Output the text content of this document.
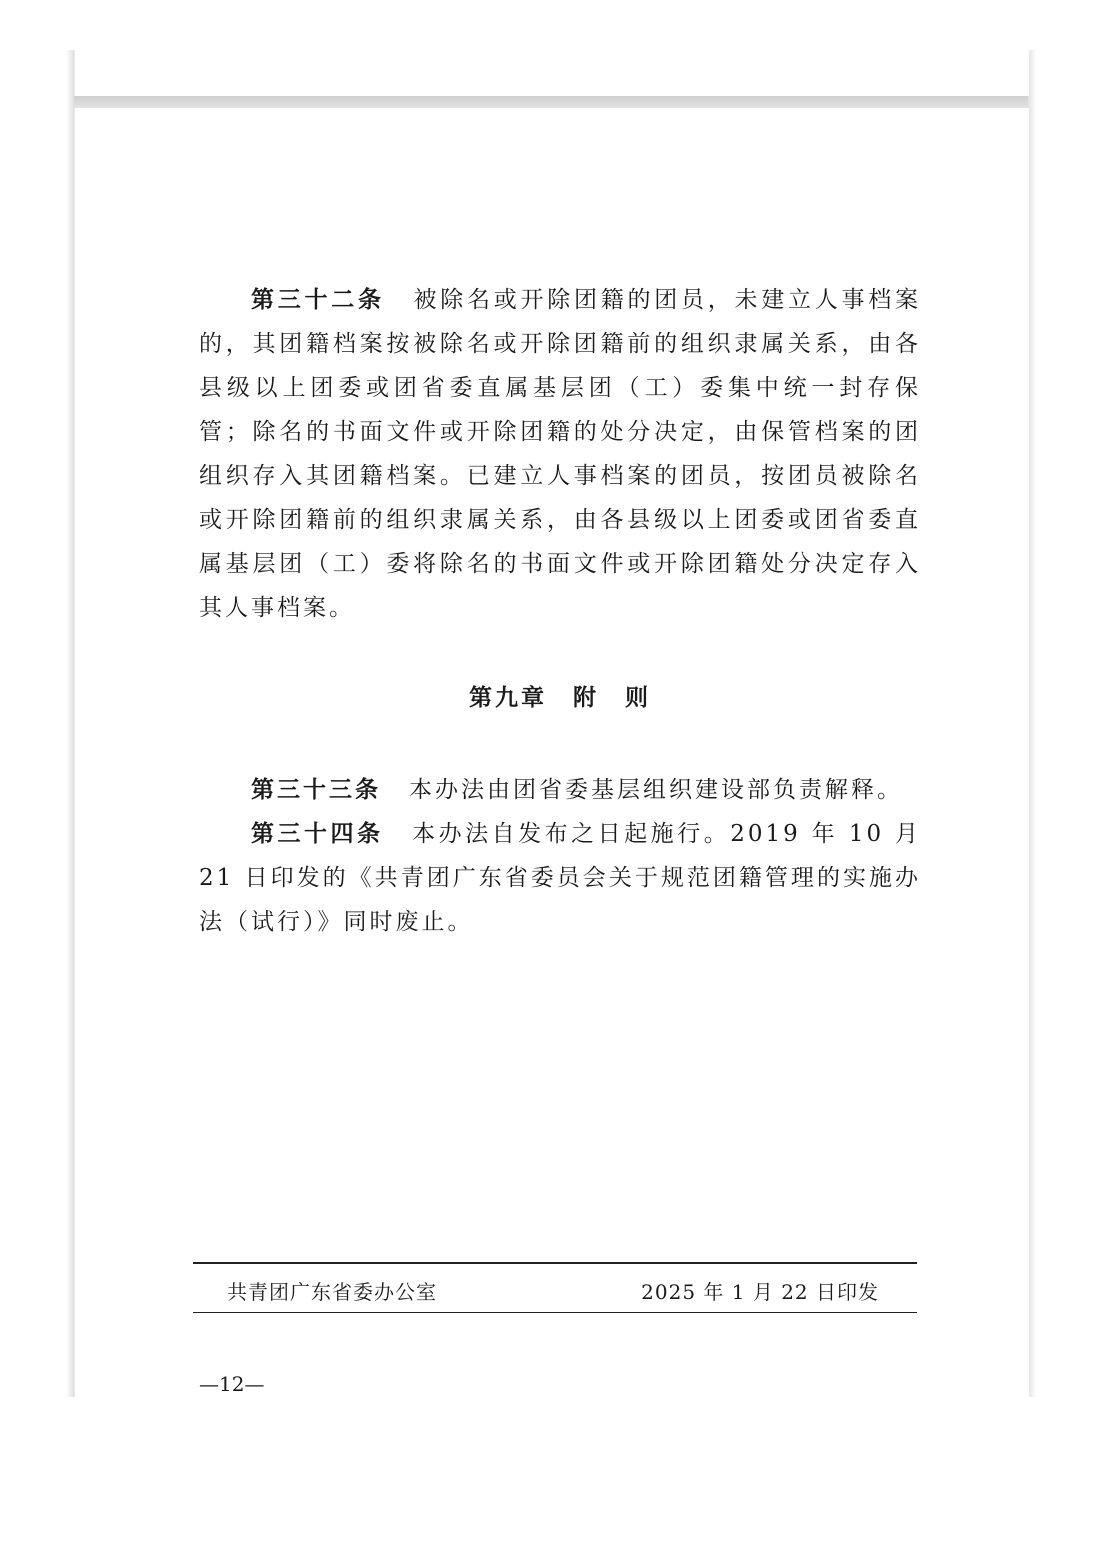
第三十二条 被除名或开除团籍的团员，未建立人事档案的，其团籍档案按被除名或开除团籍前的组织隶属关系，由各县级以上团委或团省委直属基层团（工）委集中统一封存保管；除名的书面文件或开除团籍的处分决定，由保管档案的团组织存入其团籍档案。已建立人事档案的团员，按团员被除名或开除团籍前的组织隶属关系，由各县级以上团委或团省委直属基层团（工）委将除名的书面文件或开除团籍处分决定存入其人事档案。

第九章 附　则

第三十三条 本办法由团省委基层组织建设部负责解释。

第三十四条 本办法自发布之日起施行。2019 年 10 月 21 日印发的《共青团广东省委员会关于规范团籍管理的实施办法（试行）》同时废止。

共青团广东省委办公室	2025 年 1 月 22 日印发
—12—
